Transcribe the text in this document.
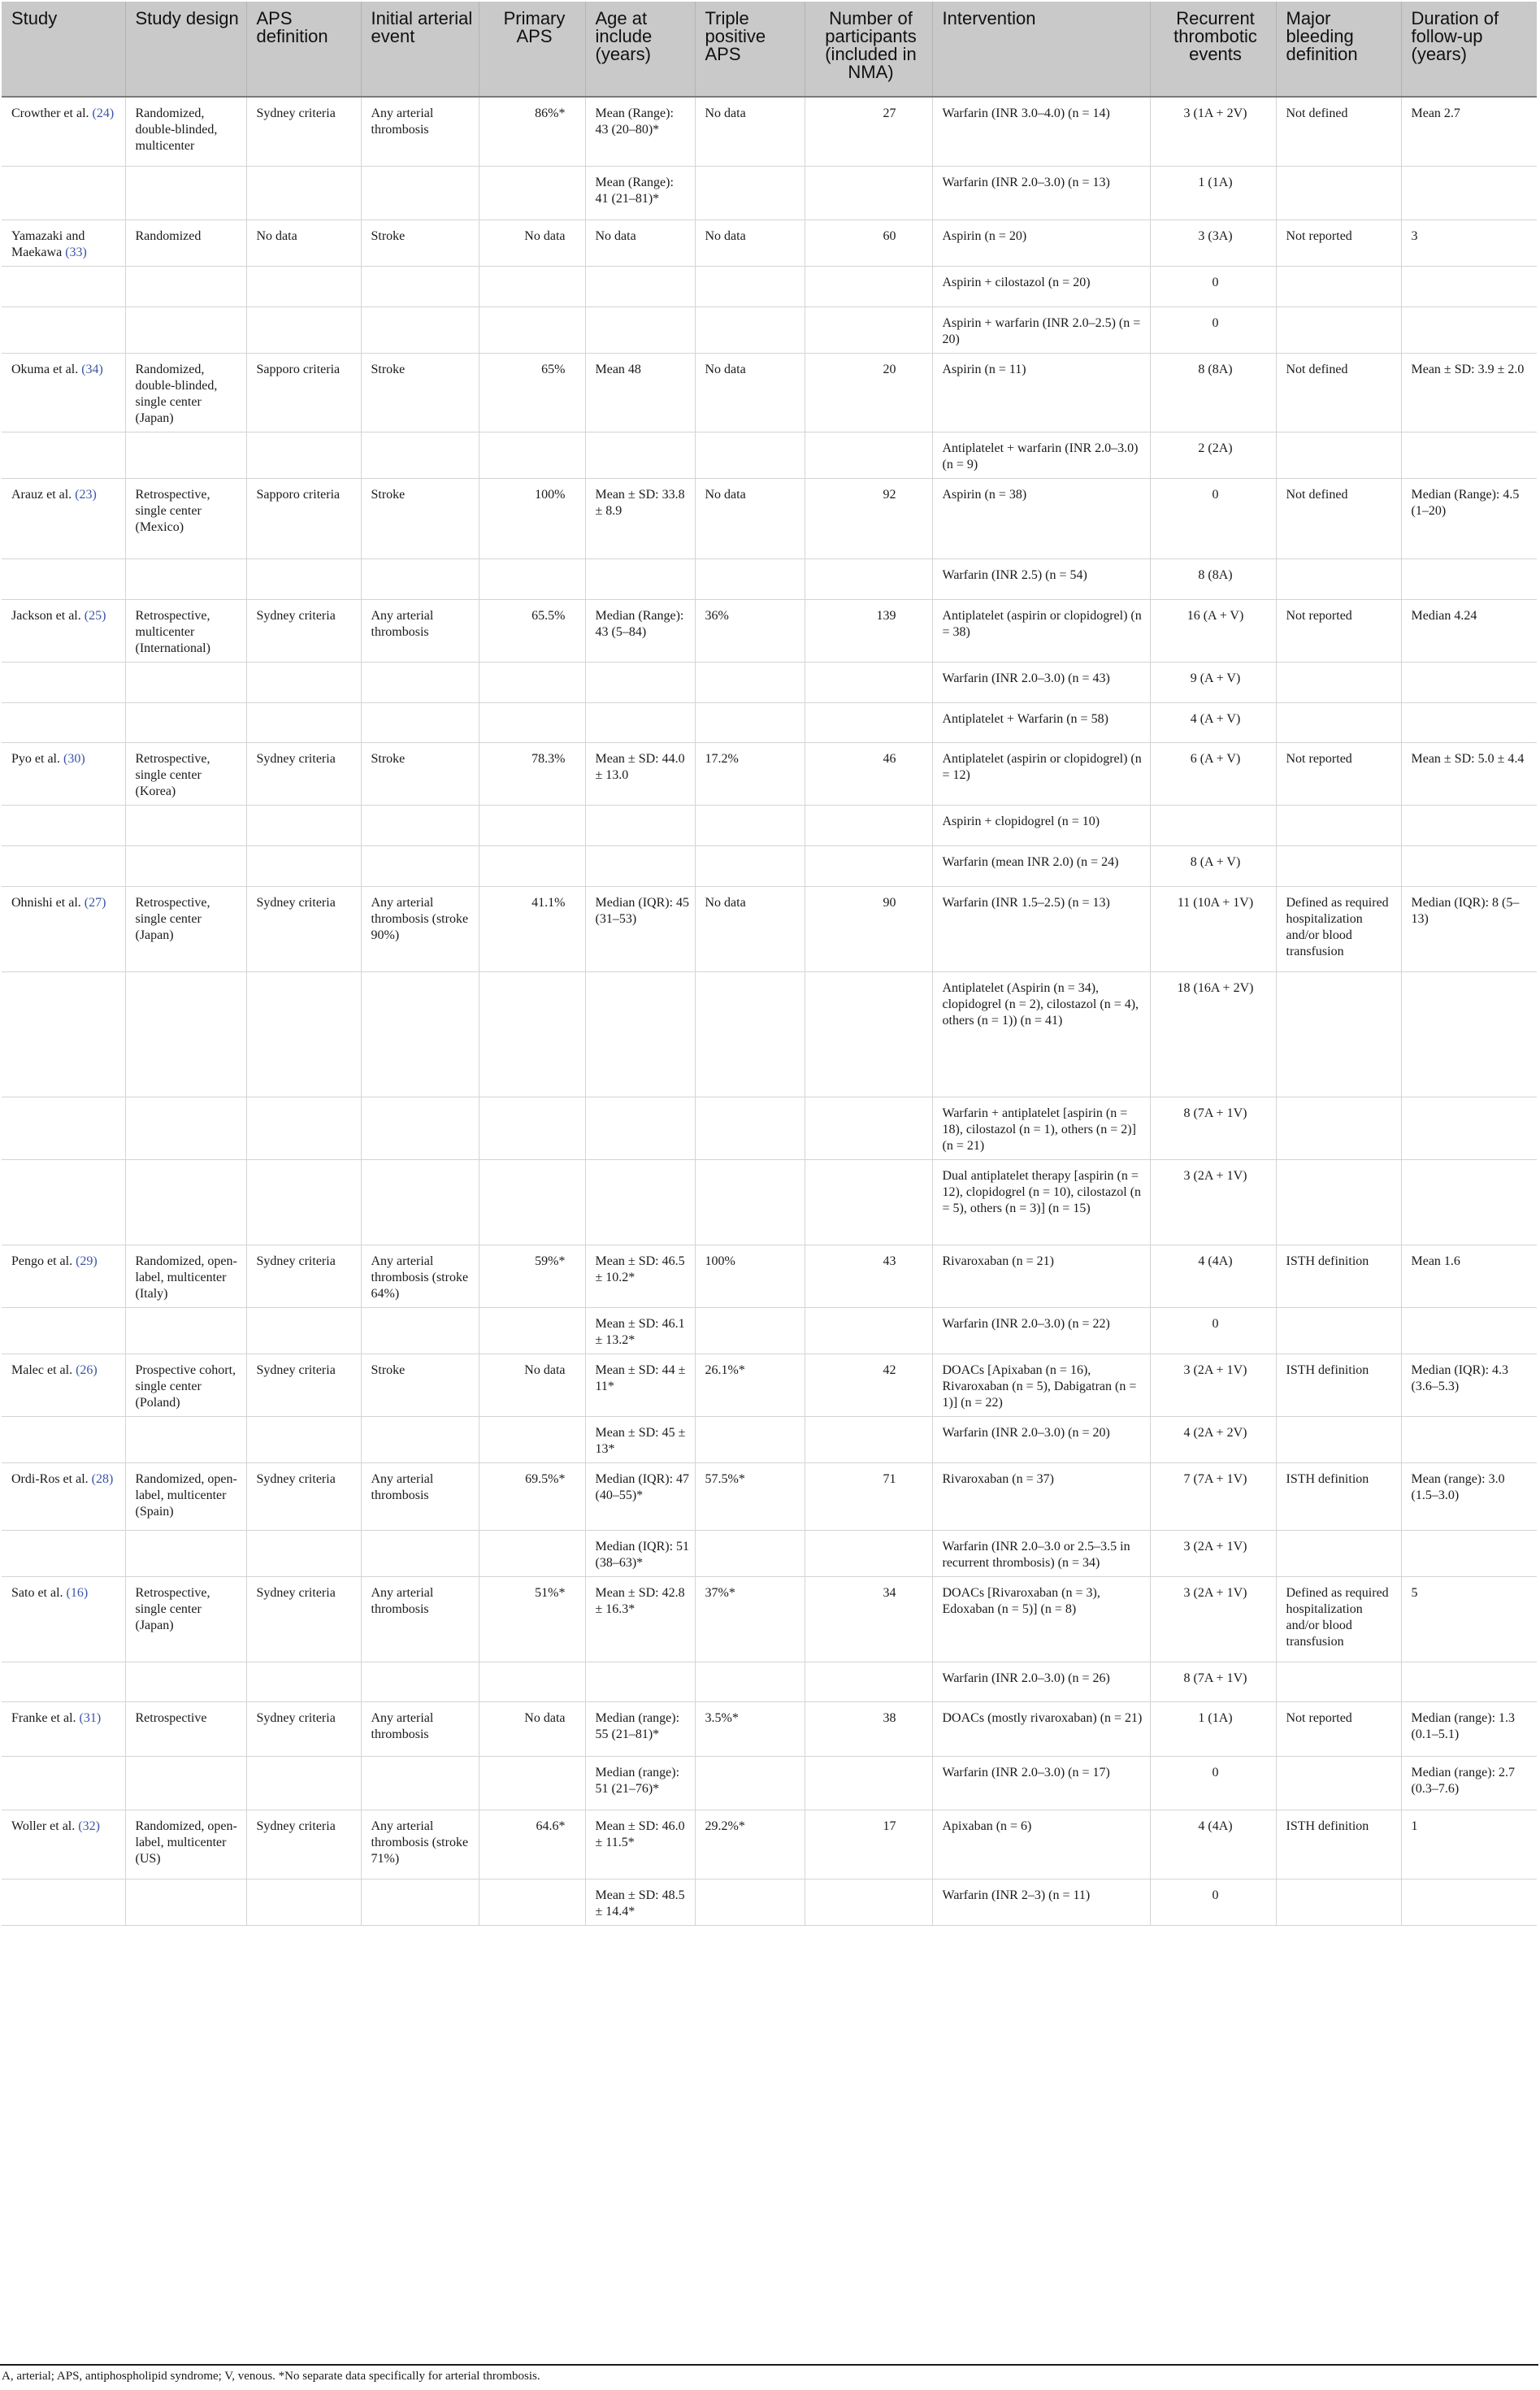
Study	Study design	APS definition	Initial arterial event	Primary APS	Age at include (years)	Triple positive APS	Number of participants (included in NMA)	Intervention	Recurrent thrombotic events	Major bleeding definition	Duration of follow-up (years)
Crowther et al. (24)	Randomized, double-blinded, multicenter	Sydney criteria	Any arterial thrombosis	86%*	Mean (Range): 43 (20–80)*	No data	27	Warfarin (INR 3.0–4.0) (n = 14)	3 (1A + 2V)	Not defined	Mean 2.7
					Mean (Range): 41 (21–81)*			Warfarin (INR 2.0–3.0) (n = 13)	1 (1A)		
Yamazaki and Maekawa (33)	Randomized	No data	Stroke	No data	No data	No data	60	Aspirin (n = 20)	3 (3A)	Not reported	3
								Aspirin + cilostazol (n = 20)	0		
								Aspirin + warfarin (INR 2.0–2.5) (n = 20)	0		
Okuma et al. (34)	Randomized, double-blinded, single center (Japan)	Sapporo criteria	Stroke	65%	Mean 48	No data	20	Aspirin (n = 11)	8 (8A)	Not defined	Mean ± SD: 3.9 ± 2.0
								Antiplatelet + warfarin (INR 2.0–3.0) (n = 9)	2 (2A)		
Arauz et al. (23)	Retrospective, single center (Mexico)	Sapporo criteria	Stroke	100%	Mean ± SD: 33.8 ± 8.9	No data	92	Aspirin (n = 38)	0	Not defined	Median (Range): 4.5 (1–20)
								Warfarin (INR 2.5) (n = 54)	8 (8A)		
Jackson et al. (25)	Retrospective, multicenter (International)	Sydney criteria	Any arterial thrombosis	65.5%	Median (Range): 43 (5–84)	36%	139	Antiplatelet (aspirin or clopidogrel) (n = 38)	16 (A + V)	Not reported	Median 4.24
								Warfarin (INR 2.0–3.0) (n = 43)	9 (A + V)		
								Antiplatelet + Warfarin (n = 58)	4 (A + V)		
Pyo et al. (30)	Retrospective, single center (Korea)	Sydney criteria	Stroke	78.3%	Mean ± SD: 44.0 ± 13.0	17.2%	46	Antiplatelet (aspirin or clopidogrel) (n = 12)	6 (A + V)	Not reported	Mean ± SD: 5.0 ± 4.4
								Aspirin + clopidogrel (n = 10)			
								Warfarin (mean INR 2.0) (n = 24)	8 (A + V)		
Ohnishi et al. (27)	Retrospective, single center (Japan)	Sydney criteria	Any arterial thrombosis (stroke 90%)	41.1%	Median (IQR): 45 (31–53)	No data	90	Warfarin (INR 1.5–2.5) (n = 13)	11 (10A + 1V)	Defined as required hospitalization and/or blood transfusion	Median (IQR): 8 (5–13)
								Antiplatelet (Aspirin (n = 34), clopidogrel (n = 2), cilostazol (n = 4), others (n = 1)) (n = 41)	18 (16A + 2V)		
								Warfarin + antiplatelet [aspirin (n = 18), cilostazol (n = 1), others (n = 2)] (n = 21)	8 (7A + 1V)		
								Dual antiplatelet therapy [aspirin (n = 12), clopidogrel (n = 10), cilostazol (n = 5), others (n = 3)] (n = 15)	3 (2A + 1V)		
Pengo et al. (29)	Randomized, open-label, multicenter (Italy)	Sydney criteria	Any arterial thrombosis (stroke 64%)	59%*	Mean ± SD: 46.5 ± 10.2*	100%	43	Rivaroxaban (n = 21)	4 (4A)	ISTH definition	Mean 1.6
					Mean ± SD: 46.1 ± 13.2*			Warfarin (INR 2.0–3.0) (n = 22)	0		
Malec et al. (26)	Prospective cohort, single center (Poland)	Sydney criteria	Stroke	No data	Mean ± SD: 44 ± 11*	26.1%*	42	DOACs [Apixaban (n = 16), Rivaroxaban (n = 5), Dabigatran (n = 1)] (n = 22)	3 (2A + 1V)	ISTH definition	Median (IQR): 4.3 (3.6–5.3)
					Mean ± SD: 45 ± 13*			Warfarin (INR 2.0–3.0) (n = 20)	4 (2A + 2V)		
Ordi-Ros et al. (28)	Randomized, open-label, multicenter (Spain)	Sydney criteria	Any arterial thrombosis	69.5%*	Median (IQR): 47 (40–55)*	57.5%*	71	Rivaroxaban (n = 37)	7 (7A + 1V)	ISTH definition	Mean (range): 3.0 (1.5–3.0)
					Median (IQR): 51 (38–63)*			Warfarin (INR 2.0–3.0 or 2.5–3.5 in recurrent thrombosis) (n = 34)	3 (2A + 1V)		
Sato et al. (16)	Retrospective, single center (Japan)	Sydney criteria	Any arterial thrombosis	51%*	Mean ± SD: 42.8 ± 16.3*	37%*	34	DOACs [Rivaroxaban (n = 3), Edoxaban (n = 5)] (n = 8)	3 (2A + 1V)	Defined as required hospitalization and/or blood transfusion	5
								Warfarin (INR 2.0–3.0) (n = 26)	8 (7A + 1V)		
Franke et al. (31)	Retrospective	Sydney criteria	Any arterial thrombosis	No data	Median (range): 55 (21–81)*	3.5%*	38	DOACs (mostly rivaroxaban) (n = 21)	1 (1A)	Not reported	Median (range): 1.3 (0.1–5.1)
					Median (range): 51 (21–76)*			Warfarin (INR 2.0–3.0) (n = 17)	0		Median (range): 2.7 (0.3–7.6)
Woller et al. (32)	Randomized, open-label, multicenter (US)	Sydney criteria	Any arterial thrombosis (stroke 71%)	64.6*	Mean ± SD: 46.0 ± 11.5*	29.2%*	17	Apixaban (n = 6)	4 (4A)	ISTH definition	1
					Mean ± SD: 48.5 ± 14.4*			Warfarin (INR 2–3) (n = 11)	0		
A, arterial; APS, antiphospholipid syndrome; V, venous. *No separate data specifically for arterial thrombosis.
